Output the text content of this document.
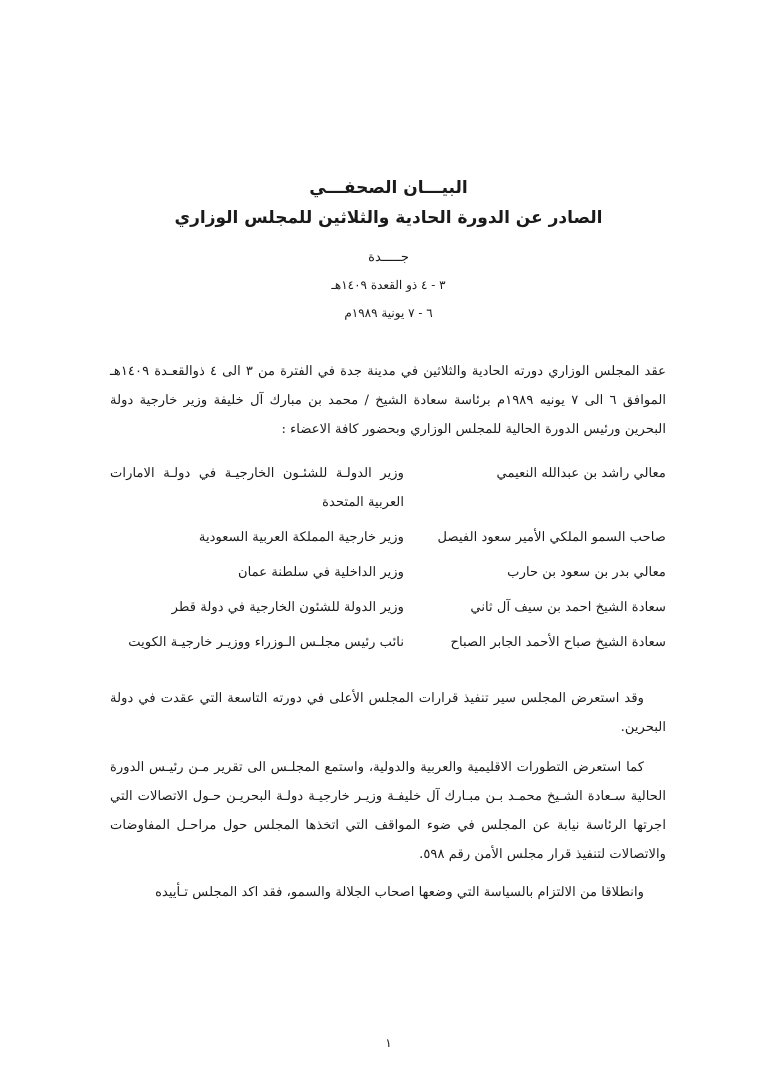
البيـــان الصحفـــي
الصادر عن الدورة الحادية والثلاثين للمجلس الوزاري
جـــــدة
٣ - ٤ ذو القعدة ١٤٠٩هـ
٦ - ٧ يونية ١٩٨٩م
عقد المجلس الوزاري دورته الحادية والثلاثين في مدينة جدة في الفترة من ٣ الى ٤ ذوالقعـدة ١٤٠٩هـ الموافق ٦ الى ٧ يونيه ١٩٨٩م برئاسة سعادة الشيخ / محمد بن مبارك آل خليفة وزير خارجية دولة البحرين ورئيس الدورة الحالية للمجلس الوزاري وبحضور كافة الاعضاء :
معالي راشد بن عبدالله النعيمي
وزير الدولـة للشئـون الخارجيـة في دولـة الامارات العربية المتحدة
صاحب السمو الملكي الأمير سعود الفيصل
وزير خارجية المملكة العربية السعودية
معالي بدر بن سعود بن حارب
وزير الداخلية في سلطنة عمان
سعادة الشيخ احمد بن سيف آل ثاني
وزير الدولة للشئون الخارجية في دولة قطر
سعادة الشيخ صباح الأحمد الجابر الصباح
نائب رئيس مجلـس الـوزراء ووزيـر خارجيـة الكويت
وقد استعرض المجلس سير تنفيذ قرارات المجلس الأعلى في دورته التاسعة التي عقدت في دولة البحرين.
كما استعرض التطورات الاقليمية والعربية والدولية، واستمع المجلـس الى تقرير مـن رئيـس الدورة الحالية سـعادة الشـيخ محمـد بـن مبـارك آل خليفـة وزيـر خارجيـة دولـة البحريـن حـول الاتصالات التي اجرتها الرئاسة نيابة عن المجلس في ضوء المواقف التي اتخذها المجلس حول مراحـل المفاوضات والاتصالات لتنفيذ قرار مجلس الأمن رقم ٥٩٨.
وانطلاقا من الالتزام بالسياسة التي وضعها اصحاب الجلالة والسمو، فقد اكد المجلس تـأييده
١
